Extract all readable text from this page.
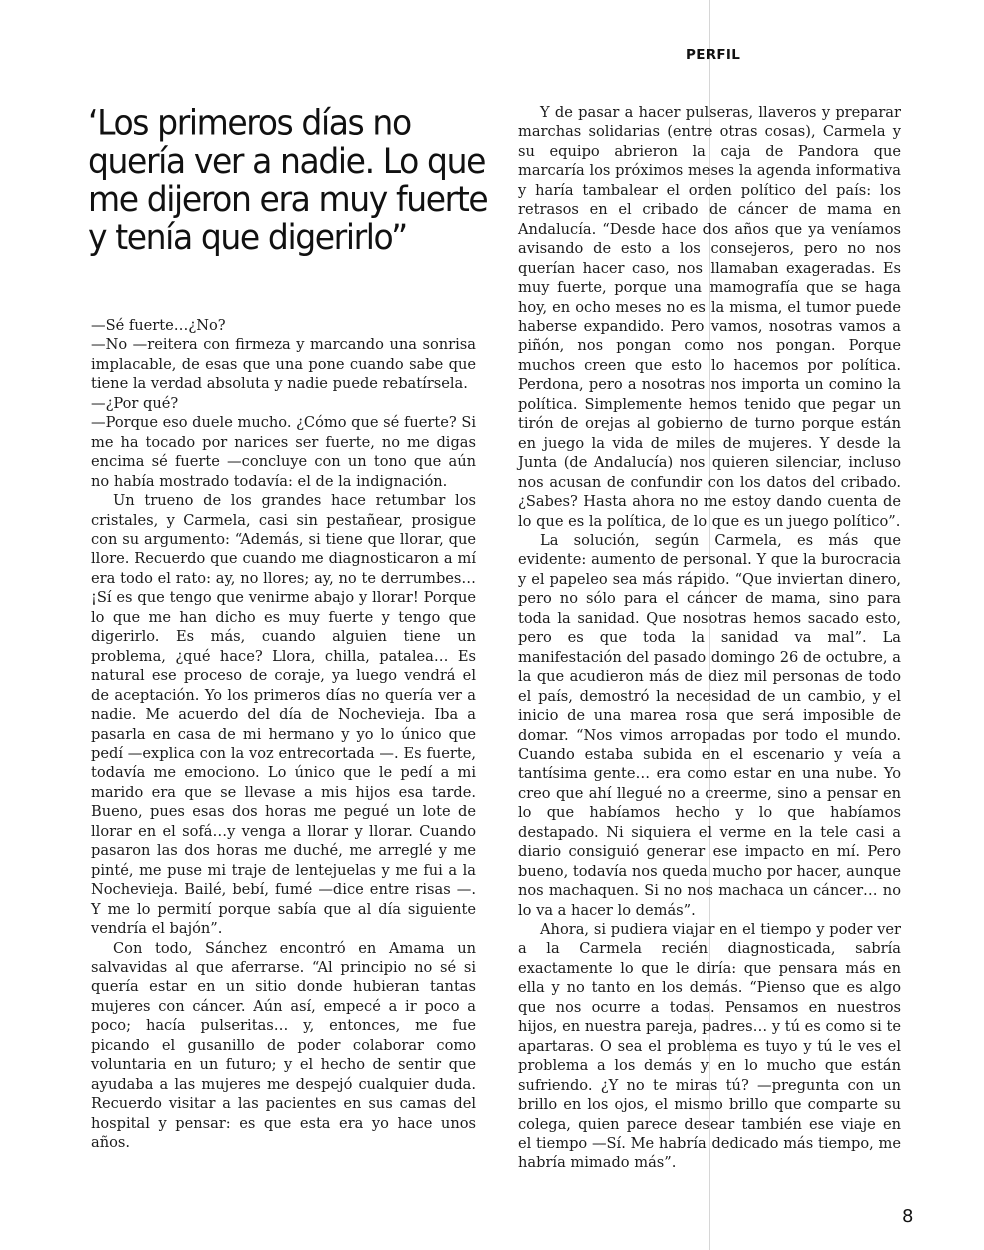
PERFIL
‘Los primeros días no quería ver a nadie. Lo que me dijeron era muy fuerte y tenía que digerirlo”

—Sé fuerte…¿No?

—No —reitera con firmeza y marcando una sonrisa implacable, de esas que una pone cuando sabe que tiene la verdad absoluta y nadie puede rebatírsela.

—¿Por qué?

—Porque eso duele mucho. ¿Cómo que sé fuerte? Si me ha tocado por narices ser fuerte, no me digas encima sé fuerte —concluye con un tono que aún no había mostrado todavía: el de la indignación.

Un trueno de los grandes hace retumbar los cristales, y Carmela, casi sin pestañear, prosigue con su argumento: “Además, si tiene que llorar, que llore. Recuerdo que cuando me diagnosticaron a mí era todo el rato: ay, no llores; ay, no te derrumbes…¡Sí es que tengo que venirme abajo y llorar! Porque lo que me han dicho es muy fuerte y tengo que digerirlo. Es más, cuando alguien tiene un problema, ¿qué hace? Llora, chilla, patalea… Es natural ese proceso de coraje, ya luego vendrá el de aceptación. Yo los primeros días no quería ver a nadie. Me acuerdo del día de Nochevieja. Iba a pasarla en casa de mi hermano y yo lo único que pedí —explica con la voz entrecortada —. Es fuerte, todavía me emociono. Lo único que le pedí a mi marido era que se llevase a mis hijos esa tarde. Bueno, pues esas dos horas me pegué un lote de llorar en el sofá…y venga a llorar y llorar. Cuando pasaron las dos horas me duché, me arreglé y me pinté, me puse mi traje de lentejuelas y me fui a la Nochevieja. Bailé, bebí, fumé —dice entre risas —. Y me lo permití porque sabía que al día siguiente vendría el bajón”.

Con todo, Sánchez encontró en Amama un salvavidas al que aferrarse. “Al principio no sé si quería estar en un sitio donde hubieran tantas mujeres con cáncer. Aún así, empecé a ir poco a poco; hacía pulseritas… y, entonces, me fue picando el gusanillo de poder colaborar como voluntaria en un futuro; y el hecho de sentir que ayudaba a las mujeres me despejó cualquier duda. Recuerdo visitar a las pacientes en sus camas del hospital y pensar: es que esta era yo hace unos años.

Y de pasar a hacer pulseras, llaveros y preparar marchas solidarias (entre otras cosas), Carmela y su equipo abrieron la caja de Pandora que marcaría los próximos meses la agenda informativa y haría tambalear el orden político del país: los retrasos en el cribado de cáncer de mama en Andalucía. “Desde hace dos años que ya veníamos avisando de esto a los consejeros, pero no nos querían hacer caso, nos llamaban exageradas. Es muy fuerte, porque una mamografía que se haga hoy, en ocho meses no es la misma, el tumor puede haberse expandido. Pero vamos, nosotras vamos a piñón, nos pongan como nos pongan. Porque muchos creen que esto lo hacemos por política. Perdona, pero a nosotras nos importa un comino la política. Simplemente hemos tenido que pegar un tirón de orejas al gobierno de turno porque están en juego la vida de miles de mujeres. Y desde la Junta (de Andalucía) nos quieren silenciar, incluso nos acusan de confundir con los datos del cribado. ¿Sabes? Hasta ahora no me estoy dando cuenta de lo que es la política, de lo que es un juego político”.

La solución, según Carmela, es más que evidente: aumento de personal. Y que la burocracia y el papeleo sea más rápido. “Que inviertan dinero, pero no sólo para el cáncer de mama, sino para toda la sanidad. Que nosotras hemos sacado esto, pero es que toda la sanidad va mal”. La manifestación del pasado domingo 26 de octubre, a la que acudieron más de diez mil personas de todo el país, demostró la necesidad de un cambio, y el inicio de una marea rosa que será imposible de domar. “Nos vimos arropadas por todo el mundo. Cuando estaba subida en el escenario y veía a tantísima gente… era como estar en una nube. Yo creo que ahí llegué no a creerme, sino a pensar en lo que habíamos hecho y lo que habíamos destapado. Ni siquiera el verme en la tele casi a diario consiguió generar ese impacto en mí. Pero bueno, todavía nos queda mucho por hacer, aunque nos machaquen. Si no nos machaca un cáncer… no lo va a hacer lo demás”.

Ahora, si pudiera viajar en el tiempo y poder ver a la Carmela recién diagnosticada, sabría exactamente lo que le diría: que pensara más en ella y no tanto en los demás. “Pienso que es algo que nos ocurre a todas. Pensamos en nuestros hijos, en nuestra pareja, padres… y tú es como si te apartaras. O sea el problema es tuyo y tú le ves el problema a los demás y en lo mucho que están sufriendo. ¿Y no te miras tú? —pregunta con un brillo en los ojos, el mismo brillo que comparte su colega, quien parece desear también ese viaje en el tiempo —Sí. Me habría dedicado más tiempo, me habría mimado más”.

8
